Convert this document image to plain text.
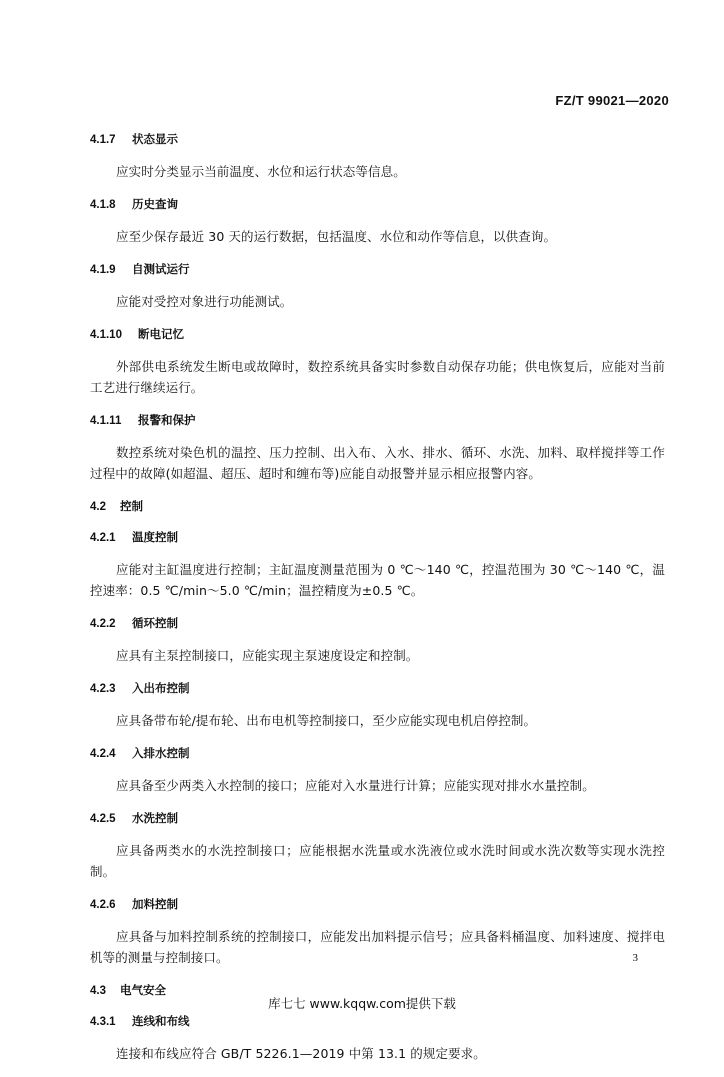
FZ/T 99021—2020
4.1.7 状态显示
应实时分类显示当前温度、水位和运行状态等信息。
4.1.8 历史查询
应至少保存最近 30 天的运行数据，包括温度、水位和动作等信息，以供查询。
4.1.9 自测试运行
应能对受控对象进行功能测试。
4.1.10 断电记忆
外部供电系统发生断电或故障时，数控系统具备实时参数自动保存功能；供电恢复后，应能对当前工艺进行继续运行。
4.1.11 报警和保护
数控系统对染色机的温控、压力控制、出入布、入水、排水、循环、水洗、加料、取样搅拌等工作过程中的故障(如超温、超压、超时和缠布等)应能自动报警并显示相应报警内容。
4.2 控制
4.2.1 温度控制
应能对主缸温度进行控制；主缸温度测量范围为 0 ℃～140 ℃，控温范围为 30 ℃～140 ℃，温控速率：0.5 ℃/min～5.0 ℃/min；温控精度为±0.5 ℃。
4.2.2 循环控制
应具有主泵控制接口，应能实现主泵速度设定和控制。
4.2.3 入出布控制
应具备带布轮/提布轮、出布电机等控制接口，至少应能实现电机启停控制。
4.2.4 入排水控制
应具备至少两类入水控制的接口；应能对入水量进行计算；应能实现对排水水量控制。
4.2.5 水洗控制
应具备两类水的水洗控制接口；应能根据水洗量或水洗液位或水洗时间或水洗次数等实现水洗控制。
4.2.6 加料控制
应具备与加料控制系统的控制接口，应能发出加料提示信号；应具备料桶温度、加料速度、搅拌电机等的测量与控制接口。
4.3 电气安全
4.3.1 连线和布线
连接和布线应符合 GB/T 5226.1—2019 中第 13.1 的规定要求。
3
库七七 www.kqqw.com提供下载
